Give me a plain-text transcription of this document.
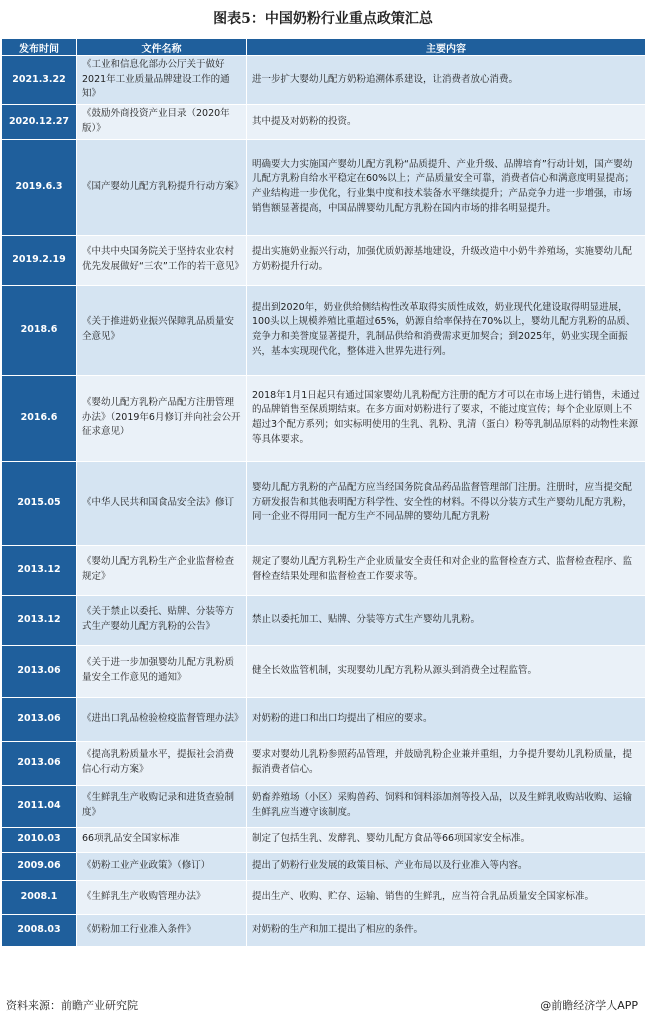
图表5：中国奶粉行业重点政策汇总
发布时间	文件名称	主要内容
2021.3.22	《工业和信息化部办公厅关于做好2021年工业质量品牌建设工作的通知》	进一步扩大婴幼儿配方奶粉追溯体系建设，让消费者放心消费。
2020.12.27	《鼓励外商投资产业目录（2020年版）》	其中提及对奶粉的投资。
2019.6.3	《国产婴幼儿配方乳粉提升行动方案》	明确要大力实施国产婴幼儿配方乳粉“品质提升、产业升级、品牌培育”行动计划，国产婴幼儿配方乳粉自给水平稳定在60%以上；产品质量安全可靠，消费者信心和满意度明显提高；产业结构进一步优化，行业集中度和技术装备水平继续提升；产品竞争力进一步增强，市场销售额显著提高，中国品牌婴幼儿配方乳粉在国内市场的排名明显提升。
2019.2.19	《中共中央国务院关于坚持农业农村优先发展做好“三农”工作的若干意见》	提出实施奶业振兴行动，加强优质奶源基地建设，升级改造中小奶牛养殖场，实施婴幼儿配方奶粉提升行动。
2018.6	《关于推进奶业振兴保障乳品质量安全意见》	提出到2020年，奶业供给侧结构性改革取得实质性成效，奶业现代化建设取得明显进展，100头以上规模养殖比重超过65%，奶源自给率保持在70%以上，婴幼儿配方乳粉的品质、竞争力和美誉度显著提升，乳制品供给和消费需求更加契合；到2025年，奶业实现全面振兴，基本实现现代化，整体进入世界先进行列。
2016.6	《婴幼儿配方乳粉产品配方注册管理办法》（2019年6月修订并向社会公开征求意见）	2018年1月1日起只有通过国家婴幼儿乳粉配方注册的配方才可以在市场上进行销售，未通过的品牌销售至保质期结束。在多方面对奶粉进行了要求，不能过度宣传；每个企业原则上不超过3个配方系列；如实标明使用的生乳、乳粉、乳清（蛋白）粉等乳制品原料的动物性来源等具体要求。
2015.05	《中华人民共和国食品安全法》修订	婴幼儿配方乳粉的产品配方应当经国务院食品药品监督管理部门注册。注册时，应当提交配方研发报告和其他表明配方科学性、安全性的材料。不得以分装方式生产婴幼儿配方乳粉，同一企业不得用同一配方生产不同品牌的婴幼儿配方乳粉
2013.12	《婴幼儿配方乳粉生产企业监督检查规定》	规定了婴幼儿配方乳粉生产企业质量安全责任和对企业的监督检查方式、监督检查程序、监督检查结果处理和监督检查工作要求等。
2013.12	《关于禁止以委托、贴牌、分装等方式生产婴幼儿配方乳粉的公告》	禁止以委托加工、贴牌、分装等方式生产婴幼儿乳粉。
2013.06	《关于进一步加强婴幼儿配方乳粉质量安全工作意见的通知》	健全长效监管机制，实现婴幼儿配方乳粉从源头到消费全过程监管。
2013.06	《进出口乳品检验检疫监督管理办法》	对奶粉的进口和出口均提出了相应的要求。
2013.06	《提高乳粉质量水平，提振社会消费信心行动方案》	要求对婴幼儿乳粉参照药品管理，并鼓励乳粉企业兼并重组，力争提升婴幼儿乳粉质量，提振消费者信心。
2011.04	《生鲜乳生产收购记录和进货查验制度》	奶畜养殖场（小区）采购兽药、饲料和饲料添加剂等投入品，以及生鲜乳收购站收购、运输生鲜乳应当遵守该制度。
2010.03	66项乳品安全国家标准	制定了包括生乳、发酵乳、婴幼儿配方食品等66项国家安全标准。
2009.06	《奶粉工业产业政策》（修订）	提出了奶粉行业发展的政策目标、产业布局以及行业准入等内容。
2008.1	《生鲜乳生产收购管理办法》	提出生产、收购、贮存、运输、销售的生鲜乳，应当符合乳品质量安全国家标准。
2008.03	《奶粉加工行业准入条件》	对奶粉的生产和加工提出了相应的条件。
资料来源：前瞻产业研究院	@前瞻经济学人APP
